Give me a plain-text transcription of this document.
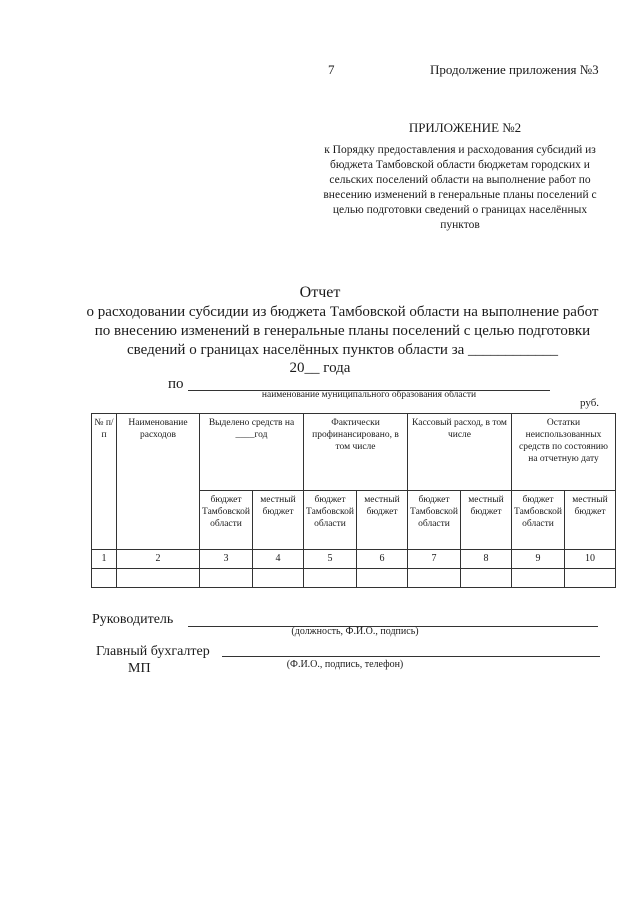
7	Продолжение приложения №3
ПРИЛОЖЕНИЕ №2
к Порядку предоставления и расходования субсидий из бюджета Тамбовской области бюджетам городских и сельских поселений области на выполнение работ по внесению изменений в генеральные планы поселений с целью подготовки сведений о границах населённых пунктов
Отчет
о расходовании субсидии из бюджета Тамбовской области на выполнение работ по внесению изменений в генеральные планы поселений с целью подготовки сведений о границах населённых пунктов области за ____________
20__ года
по
наименование муниципального образования области
руб.
№ п/п	Наименование расходов	Выделено средств на ____год		Фактически профинансировано, в том числе		Кассовый расход, в том числе		Остатки неиспользованных средств по состоянию на отчетную дату	
		бюджет Тамбовской области	местный бюджет	бюджет Тамбовской области	местный бюджет	бюджет Тамбовской области	местный бюджет	бюджет Тамбовской области	местный бюджет
1	2	3	4	5	6	7	8	9	10

Руководитель
(должность, Ф.И.О., подпись)
Главный бухгалтер
МП	(Ф.И.О., подпись, телефон)
